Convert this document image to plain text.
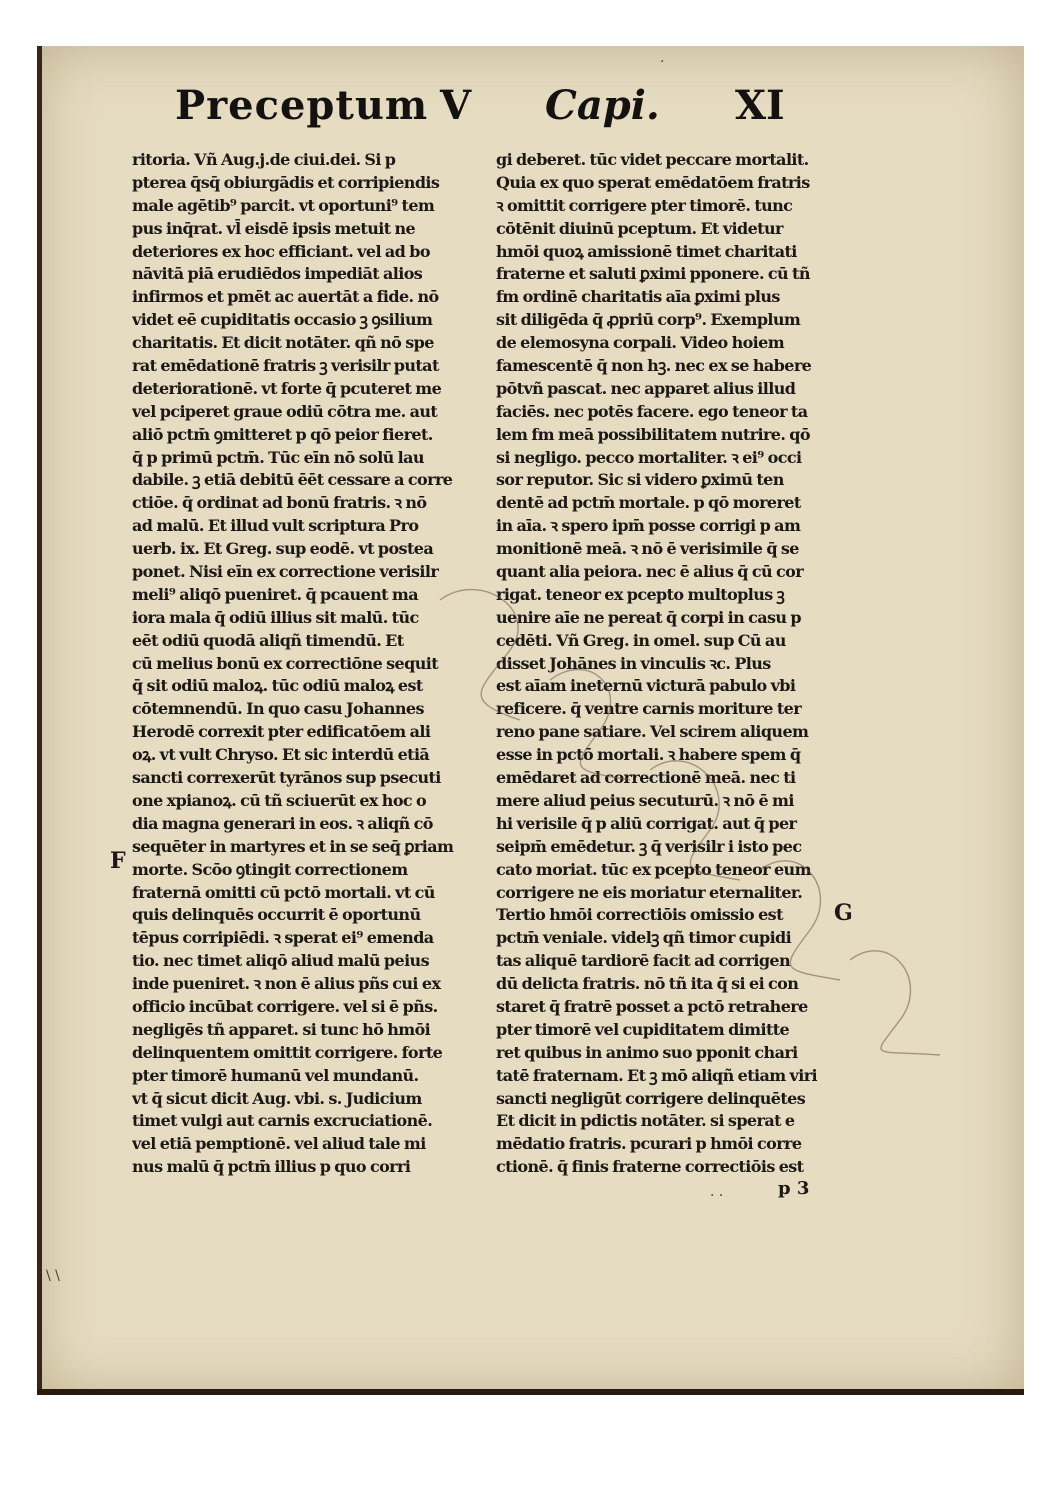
Preceptum V Capi. XI
ritoria. Vñ Aug.j.de ciui.dei. Si p
pterea q̄sq̄ obiurgādis et corripiendis
male agētib⁹ parcit. vt oportuni⁹ tem
pus inq̄rat. vl̄ eisdē ipsis metuit ne
deteriores ex hoc efficiant. vel ad bo
nāvitā piā erudiēdos impediāt alios
infirmos et pmēt ac auertāt a fide. nō
videt eē cupiditatis occasio ꝫ ꝯsilium
charitatis. Et dicit notāter. qñ nō spe
rat emēdationē fratris ꝫ verisilr putat
deteriorationē. vt forte q̄ pcuteret me
vel pciperet graue odiū cōtra me. aut
aliō pctm̄ ꝯmitteret p qō peior fieret.
q̄ p primū pctm̄. Tūc eīn nō solū lau
dabile. ꝫ etiā debitū ēēt cessare a corre
ctiōe. q̄ ordinat ad bonū fratris. ꝛ nō
ad malū. Et illud vult scriptura Pro
uerb. ix. Et Greg. sup eodē. vt postea
ponet. Nisi eīn ex correctione verisilr
meli⁹ aliqō pueniret. q̄ pcauent ma
iora mala q̄ odiū illius sit malū. tūc
eēt odiū quodā aliqñ timendū. Et
cū melius bonū ex correctiōne sequit
q̄ sit odiū maloꝝ. tūc odiū maloꝝ est
cōtemnendū. In quo casu Johannes
Herodē correxit pter edificatōem ali
oꝝ. vt vult Chryso. Et sic interdū etiā
sancti correxerūt tyrānos sup psecuti
one xpianoꝝ. cū tñ sciuerūt ex hoc o
dia magna generari in eos. ꝛ aliqñ cō
sequēter in martyres et in se seq̄ ꝑriam
morte. Scōo ꝯtingit correctionem
fraternā omitti cū pctō mortali. vt cū
quis delinquēs occurrit ē oportunū
tēpus corripiēdi. ꝛ sperat ei⁹ emenda
tio. nec timet aliqō aliud malū peius
inde pueniret. ꝛ non ē alius pñs cui ex
officio incūbat corrigere. vel si ē pñs.
negligēs tñ apparet. si tunc hō hmōi
delinquentem omittit corrigere. forte
pter timorē humanū vel mundanū.
vt q̄ sicut dicit Aug. vbi. s. Judicium
timet vulgi aut carnis excruciationē.
vel etiā pemptionē. vel aliud tale mi
nus malū q̄ pctm̄ illius p quo corri
gi deberet. tūc videt peccare mortalit.
Quia ex quo sperat emēdatōem fratris
ꝛ omittit corrigere pter timorē. tunc
cōtēnit diuinū pceptum. Et videtur
hmōi quoꝝ amissionē timet charitati
fraterne et saluti ꝑximi pponere. cū tñ
fm ordinē charitatis aīa ꝑximi plus
sit diligēda q̄ ꝓpriū corp⁹. Exemplum
de elemosyna corpali. Video hoiem
famescentē q̄ non hꝫ. nec ex se habere
pōtvñ pascat. nec apparet alius illud
faciēs. nec potēs facere. ego teneor ta
lem fm meā possibilitatem nutrire. qō
si negligo. pecco mortaliter. ꝛ ei⁹ occi
sor reputor. Sic si videro ꝑximū ten
dentē ad pctm̄ mortale. p qō moreret
in aīa. ꝛ spero ipm̄ posse corrigi p am
monitionē meā. ꝛ nō ē verisimile q̄ se
quant alia peiora. nec ē alius q̄ cū cor
rigat. teneor ex pcepto multoplus ꝫ
uenire aīe ne pereat q̄ corpi in casu p
cedēti. Vñ Greg. in omel. sup Cū au
disset Johānes in vinculis ꝛc. Plus
est aīam ineternū victurā pabulo vbi
reficere. q̄ ventre carnis moriture ter
reno pane satiare. Vel scirem aliquem
esse in pctō mortali. ꝛ habere spem q̄
emēdaret ad correctionē meā. nec ti
mere aliud peius secuturū. ꝛ nō ē mi
hi verisile q̄ p aliū corrigat. aut q̄ per
seipm̄ emēdetur. ꝫ q̄ verisilr i isto pec
cato moriat. tūc ex pcepto teneor eum
corrigere ne eis moriatur eternaliter.
Tertio hmōi correctiōis omissio est
pctm̄ veniale. videlꝫ qñ timor cupidi
tas aliquē tardiorē facit ad corrigen
dū delicta fratris. nō tñ ita q̄ si ei con
staret q̄ fratrē posset a pctō retrahere
pter timorē vel cupiditatem dimitte
ret quibus in animo suo pponit chari
tatē fraternam. Et ꝫ mō aliqñ etiam viri
sancti negligūt corrigere delinquētes
Et dicit in pdictis notāter. si sperat e
mēdatio fratris. pcurari p hmōi corre
ctionē. q̄ finis fraterne correctiōis est
F
G
p 3
\ \
·
· ·
